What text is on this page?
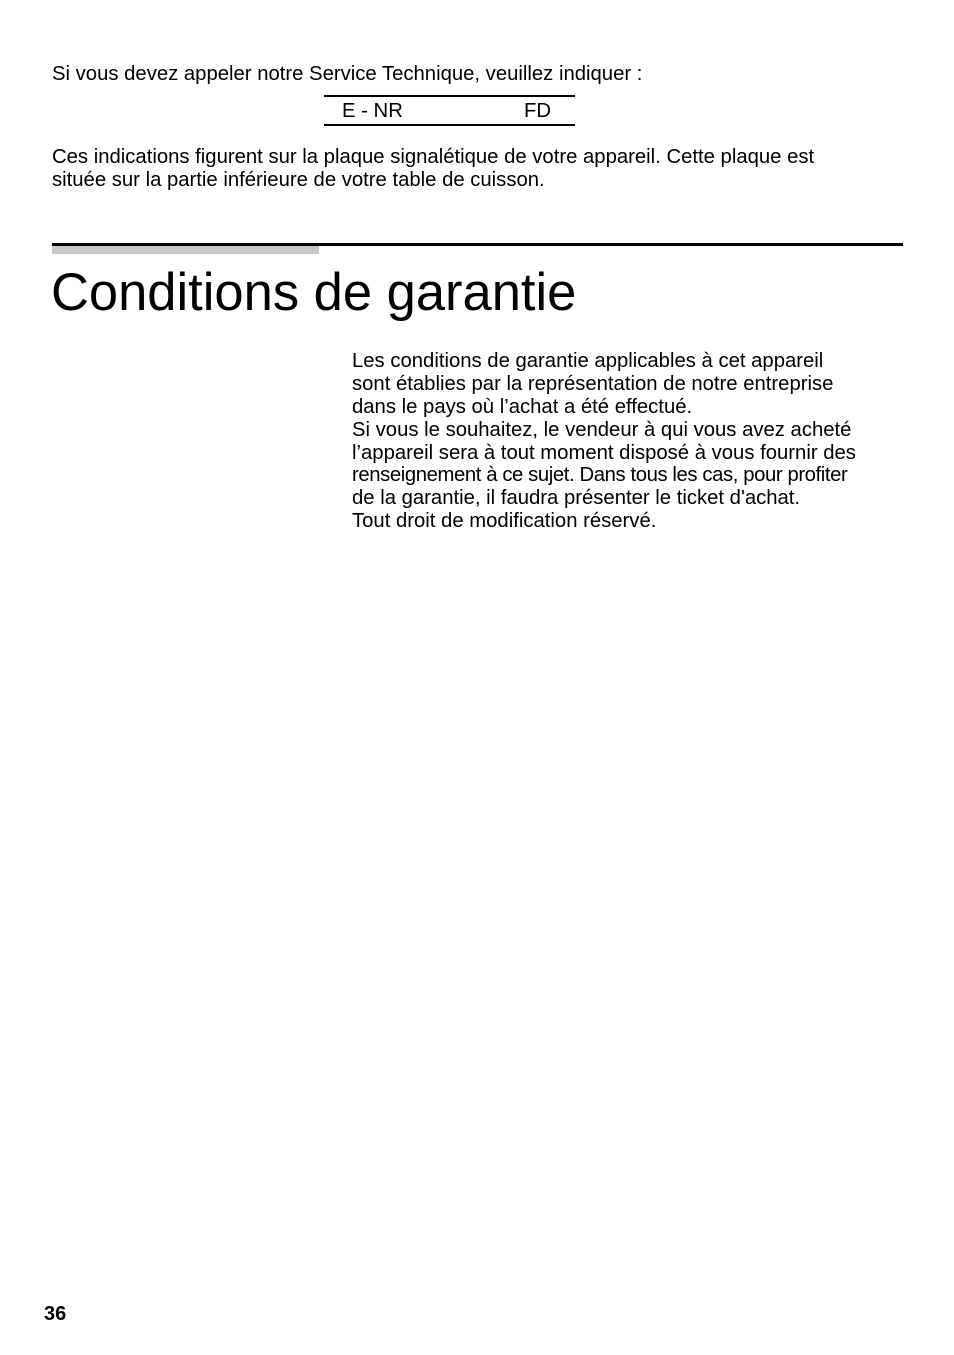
Si vous devez appeler notre Service Technique, veuillez indiquer :
E - NR	FD
Ces indications figurent sur la plaque signalétique de votre appareil. Cette plaque est
située sur la partie inférieure de votre table de cuisson.
Conditions de garantie
Les conditions de garantie applicables à cet appareil
sont établies par la représentation de notre entreprise
dans le pays où l’achat a été effectué.
Si vous le souhaitez, le vendeur à qui vous avez acheté
l’appareil sera à tout moment disposé à vous fournir des
renseignement à ce sujet. Dans tous les cas, pour profiter
de la garantie, il faudra présenter le ticket d'achat.
Tout droit de modification réservé.
36
